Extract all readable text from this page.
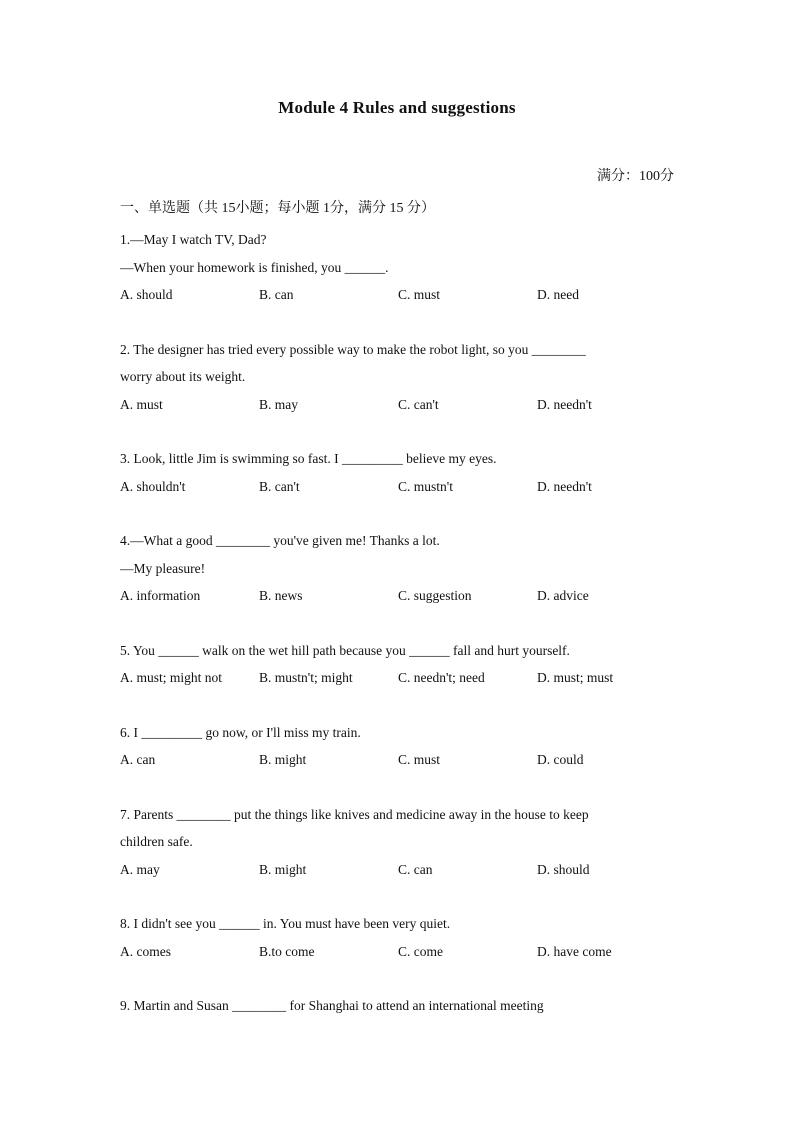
Module 4 Rules and suggestions
满分：100分
一、单选题（共 15小题；每小题 1分，满分 15 分）
1.—May I watch TV, Dad?
—When your homework is finished, you ______.
A. should	B. can	C. must	D. need
2. The designer has tried every possible way to make the robot light, so you ________
worry about its weight.
A. must	B. may	C. can't	D. needn't
3. Look, little Jim is swimming so fast. I _________ believe my eyes.
A. shouldn't	B. can't	C. mustn't	D. needn't
4.—What a good ________ you've given me! Thanks a lot.
—My pleasure!
A. information	B. news	C. suggestion	D. advice
5. You ______ walk on the wet hill path because you ______ fall and hurt yourself.
A. must; might not	B. mustn't; might	C. needn't; need	D. must; must
6. I _________ go now, or I'll miss my train.
A. can	B. might	C. must	D. could
7. Parents ________ put the things like knives and medicine away in the house to keep
children safe.
A. may	B. might	C. can	D. should
8. I didn't see you ______ in. You must have been very quiet.
A. comes	B.to come	C. come	D. have come
9. Martin and Susan ________ for Shanghai to attend an international meeting
